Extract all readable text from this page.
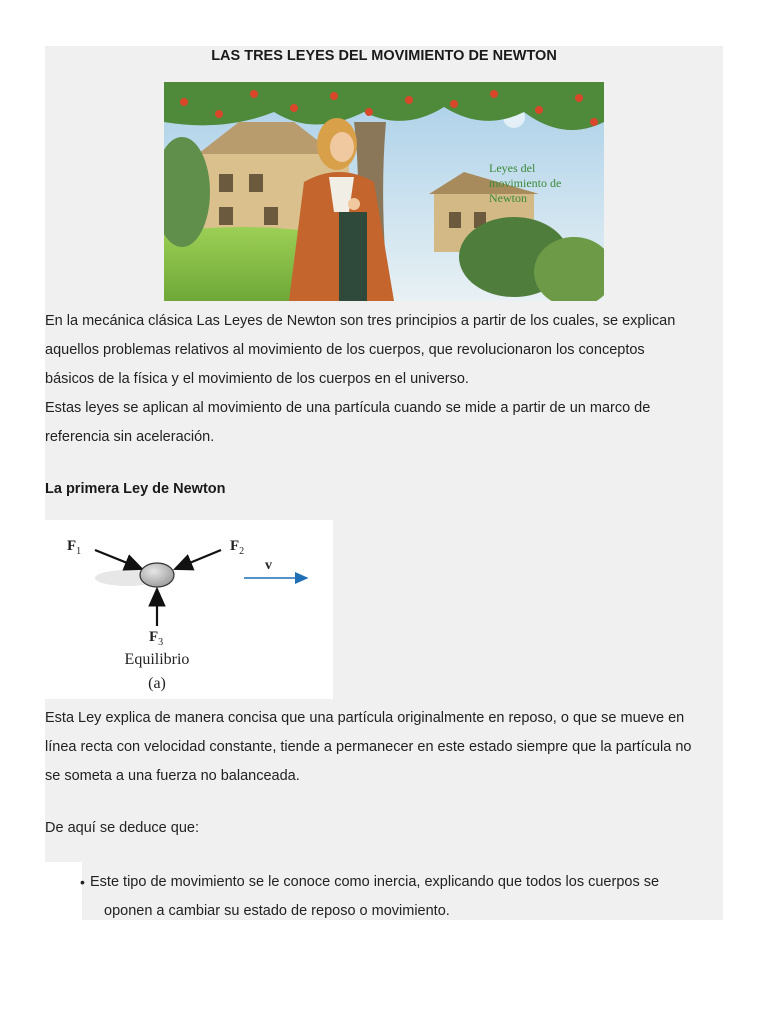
LAS TRES LEYES DEL MOVIMIENTO DE NEWTON
Leyes del
movimiento de
Newton
En la mecánica clásica Las Leyes de Newton son tres principios a partir de los cuales, se explican
aquellos problemas relativos al movimiento de los cuerpos, que revolucionaron los conceptos
básicos de la física y el movimiento de los cuerpos en el universo.
Estas leyes se aplican al movimiento de una partícula cuando se mide a partir de un marco de
referencia sin aceleración.
La primera Ley de Newton
$F_1$	$F_2$
$F_3$
v
Equilibrio
(a)
Esta Ley explica de manera concisa que una partícula originalmente en reposo, o que se mueve en
línea recta con velocidad constante, tiende a permanecer en este estado siempre que la partícula no
se someta a una fuerza no balanceada.
De aquí se deduce que:
• Este tipo de movimiento se le conoce como inercia, explicando que todos los cuerpos se
oponen a cambiar su estado de reposo o movimiento.
